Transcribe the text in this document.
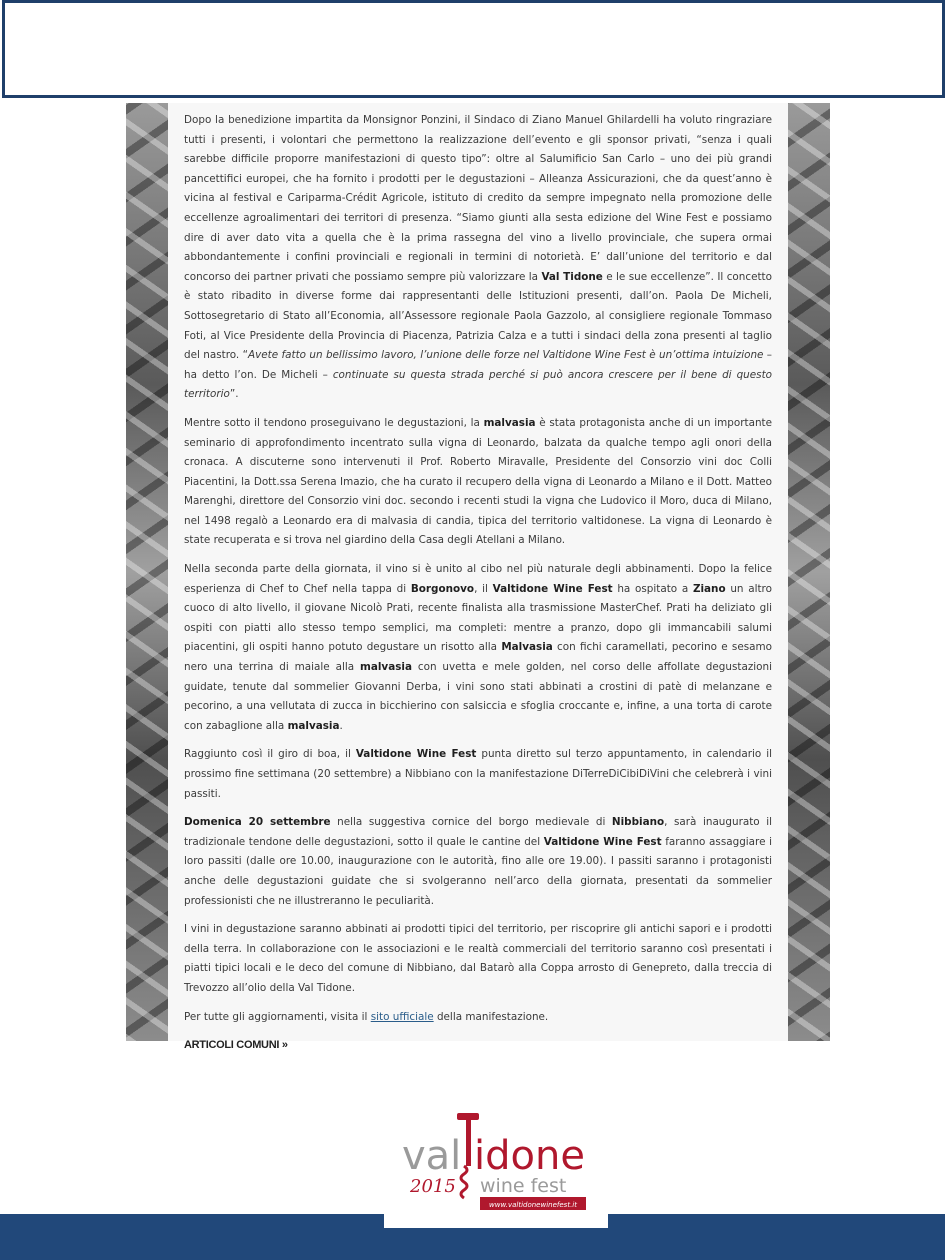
Dopo la benedizione impartita da Monsignor Ponzini, il Sindaco di Ziano Manuel Ghilardelli ha voluto ringraziare tutti i presenti, i volontari che permettono la realizzazione dell’evento e gli sponsor privati, “senza i quali sarebbe difficile proporre manifestazioni di questo tipo”: oltre al Salumificio San Carlo – uno dei più grandi pancettifici europei, che ha fornito i prodotti per le degustazioni – Alleanza Assicurazioni, che da quest’anno è vicina al festival e Cariparma-Crédit Agricole, istituto di credito da sempre impegnato nella promozione delle eccellenze agroalimentari dei territori di presenza. “Siamo giunti alla sesta edizione del Wine Fest e possiamo dire di aver dato vita a quella che è la prima rassegna del vino a livello provinciale, che supera ormai abbondantemente i confini provinciali e regionali in termini di notorietà. E’ dall’unione del territorio e dal concorso dei partner privati che possiamo sempre più valorizzare la Val Tidone e le sue eccellenze”. Il concetto è stato ribadito in diverse forme dai rappresentanti delle Istituzioni presenti, dall’on. Paola De Micheli, Sottosegretario di Stato all’Economia, all’Assessore regionale Paola Gazzolo, al consigliere regionale Tommaso Foti, al Vice Presidente della Provincia di Piacenza, Patrizia Calza e a tutti i sindaci della zona presenti al taglio del nastro. “Avete fatto un bellissimo lavoro, l’unione delle forze nel Valtidone Wine Fest è un’ottima intuizione – ha detto l’on. De Micheli – continuate su questa strada perché si può ancora crescere per il bene di questo territorio”.

Mentre sotto il tendono proseguivano le degustazioni, la malvasia è stata protagonista anche di un importante seminario di approfondimento incentrato sulla vigna di Leonardo, balzata da qualche tempo agli onori della cronaca. A discuterne sono intervenuti il Prof. Roberto Miravalle, Presidente del Consorzio vini doc Colli Piacentini, la Dott.ssa Serena Imazio, che ha curato il recupero della vigna di Leonardo a Milano e il Dott. Matteo Marenghi, direttore del Consorzio vini doc. secondo i recenti studi la vigna che Ludovico il Moro, duca di Milano, nel 1498 regalò a Leonardo era di malvasia di candia, tipica del territorio valtidonese. La vigna di Leonardo è state recuperata e si trova nel giardino della Casa degli Atellani a Milano.

Nella seconda parte della giornata, il vino si è unito al cibo nel più naturale degli abbinamenti. Dopo la felice esperienza di Chef to Chef nella tappa di Borgonovo, il Valtidone Wine Fest ha ospitato a Ziano un altro cuoco di alto livello, il giovane Nicolò Prati, recente finalista alla trasmissione MasterChef. Prati ha deliziato gli ospiti con piatti allo stesso tempo semplici, ma completi: mentre a pranzo, dopo gli immancabili salumi piacentini, gli ospiti hanno potuto degustare un risotto alla Malvasia con fichi caramellati, pecorino e sesamo nero una terrina di maiale alla malvasia con uvetta e mele golden, nel corso delle affollate degustazioni guidate, tenute dal sommelier Giovanni Derba, i vini sono stati abbinati a crostini di patè di melanzane e pecorino, a una vellutata di zucca in bicchierino con salsiccia e sfoglia croccante e, infine, a una torta di carote con zabaglione alla malvasia.

Raggiunto così il giro di boa, il Valtidone Wine Fest punta diretto sul terzo appuntamento, in calendario il prossimo fine settimana (20 settembre) a Nibbiano con la manifestazione DiTerreDiCibiDiVini che celebrerà i vini passiti.

Domenica 20 settembre nella suggestiva cornice del borgo medievale di Nibbiano, sarà inaugurato il tradizionale tendone delle degustazioni, sotto il quale le cantine del Valtidone Wine Fest faranno assaggiare i loro passiti (dalle ore 10.00, inaugurazione con le autorità, fino alle ore 19.00). I passiti saranno i protagonisti anche delle degustazioni guidate che si svolgeranno nell’arco della giornata, presentati da sommelier professionisti che ne illustreranno le peculiarità.

I vini in degustazione saranno abbinati ai prodotti tipici del territorio, per riscoprire gli antichi sapori e i prodotti della terra. In collaborazione con le associazioni e le realtà commerciali del territorio saranno così presentati i piatti tipici locali e le deco del comune di Nibbiano, dal Batarò alla Coppa arrosto di Genepreto, dalla treccia di Trevozzo all’olio della Val Tidone.

Per tutte gli aggiornamenti, visita il sito ufficiale della manifestazione.

ARTICOLI COMUNI »
val idone
2015 wine fest
www.valtidonewinefest.it
